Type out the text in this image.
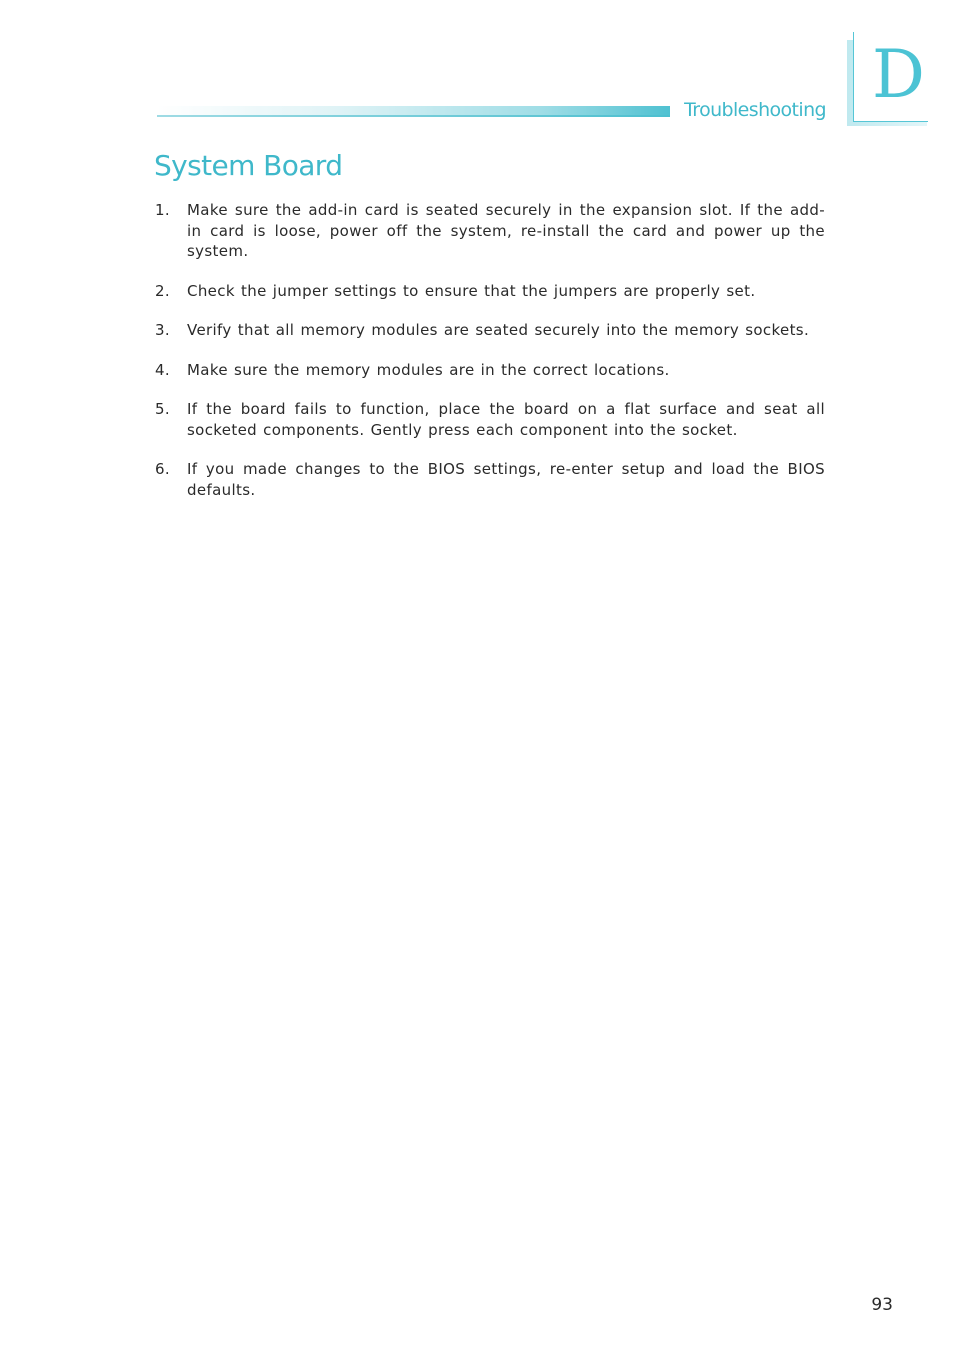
D
Troubleshooting
System Board
1. Make sure the add-in card is seated securely in the expansion slot. If the add-in card is loose, power off the system, re-install the card and power up the system.
2. Check the jumper settings to ensure that the jumpers are properly set.
3. Verify that all memory modules are seated securely into the memory sockets.
4. Make sure the memory modules are in the correct locations.
5. If the board fails to function, place the board on a flat surface and seat all socketed components. Gently press each component into the socket.
6. If you made changes to the BIOS settings, re-enter setup and load the BIOS defaults.
93
